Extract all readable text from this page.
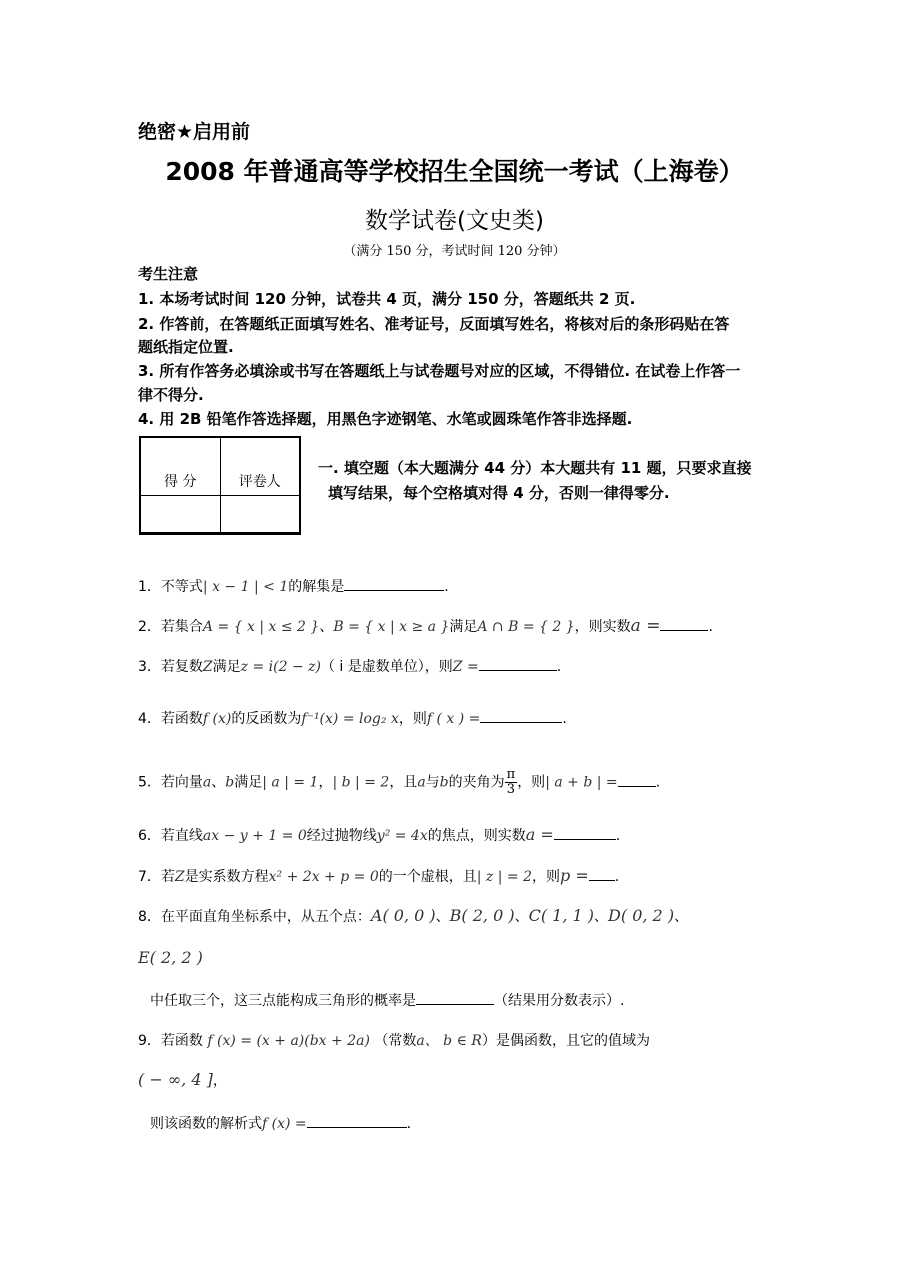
绝密★启用前
2008 年普通高等学校招生全国统一考试（上海卷）
数学试卷(文史类)
（满分 150 分，考试时间 120 分钟）
考生注意
1. 本场考试时间 120 分钟，试卷共 4 页，满分 150 分，答题纸共 2 页.
2. 作答前，在答题纸正面填写姓名、准考证号，反面填写姓名，将核对后的条形码贴在答
题纸指定位置.
3. 所有作答务必填涂或书写在答题纸上与试卷题号对应的区域，不得错位. 在试卷上作答一
律不得分.
4. 用 2B 铅笔作答选择题，用黑色字迹钢笔、水笔或圆珠笔作答非选择题.
得 分	评卷人

一. 填空题（本大题满分 44 分）本大题共有 11 题，只要求直接
填写结果，每个空格填对得 4 分，否则一律得零分.
1．不等式| x − 1 | < 1的解集是	.
2．若集合A = { x | x ≤ 2 }、B = { x | x ≥ a }满足A ∩ B = { 2 }，则实数a =	.
3．若复数Z满足z = i(2 − z)（ i 是虚数单位），则Z =	.
4．若函数f (x)的反函数为f⁻¹(x) = log₂ x，则f ( x ) =	.
5．若向量a、b满足| a | = 1，| b | = 2，且a与b的夹角为 $\frac{\pi}{3}$ ，则| a + b | =	.
6．若直线ax − y + 1 = 0经过抛物线y² = 4x的焦点，则实数a =	.
7．若Z是实系数方程x² + 2x + p = 0的一个虚根，且| z | = 2，则p = .
8．在平面直角坐标系中，从五个点：A( 0, 0 )、B( 2, 0 )、C( 1, 1 )、D( 0, 2 )、
E( 2, 2 )
中任取三个，这三点能构成三角形的概率是	（结果用分数表示）.
9．若函数 f (x) = (x + a)(bx + 2a) （常数a、 b ∈ R）是偶函数，且它的值域为
( − ∞, 4 ]，
则该函数的解析式f (x) =	.
